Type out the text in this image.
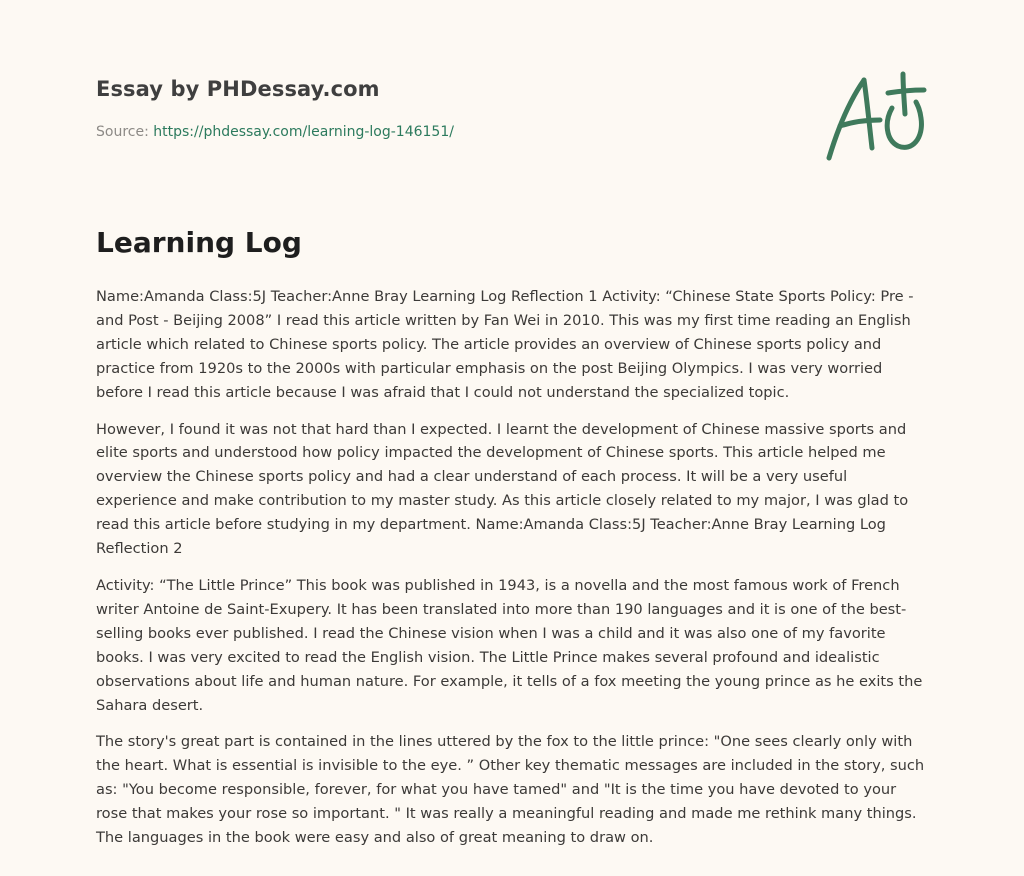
Essay by PHDessay.com
Source: https://phdessay.com/learning-log-146151/
Learning Log

Name:Amanda Class:5J Teacher:Anne Bray Learning Log Reflection 1 Activity: “Chinese State Sports Policy: Pre - and Post - Beijing 2008” I read this article written by Fan Wei in 2010. This was my first time reading an English article which related to Chinese sports policy. The article provides an overview of Chinese sports policy and practice from 1920s to the 2000s with particular emphasis on the post Beijing Olympics. I was very worried before I read this article because I was afraid that I could not understand the specialized topic.

However, I found it was not that hard than I expected. I learnt the development of Chinese massive sports and elite sports and understood how policy impacted the development of Chinese sports. This article helped me overview the Chinese sports policy and had a clear understand of each process. It will be a very useful experience and make contribution to my master study. As this article closely related to my major, I was glad to read this article before studying in my department. Name:Amanda Class:5J Teacher:Anne Bray Learning Log Reflection 2

Activity: “The Little Prince” This book was published in 1943, is a novella and the most famous work of French writer Antoine de Saint-Exupery. It has been translated into more than 190 languages and it is one of the best-selling books ever published. I read the Chinese vision when I was a child and it was also one of my favorite books. I was very excited to read the English vision. The Little Prince makes several profound and idealistic observations about life and human nature. For example, it tells of a fox meeting the young prince as he exits the Sahara desert.

The story's great part is contained in the lines uttered by the fox to the little prince: "One sees clearly only with the heart. What is essential is invisible to the eye. ” Other key thematic messages are included in the story, such as: "You become responsible, forever, for what you have tamed" and "It is the time you have devoted to your rose that makes your rose so important. " It was really a meaningful reading and made me rethink many things. The languages in the book were easy and also of great meaning to draw on.
